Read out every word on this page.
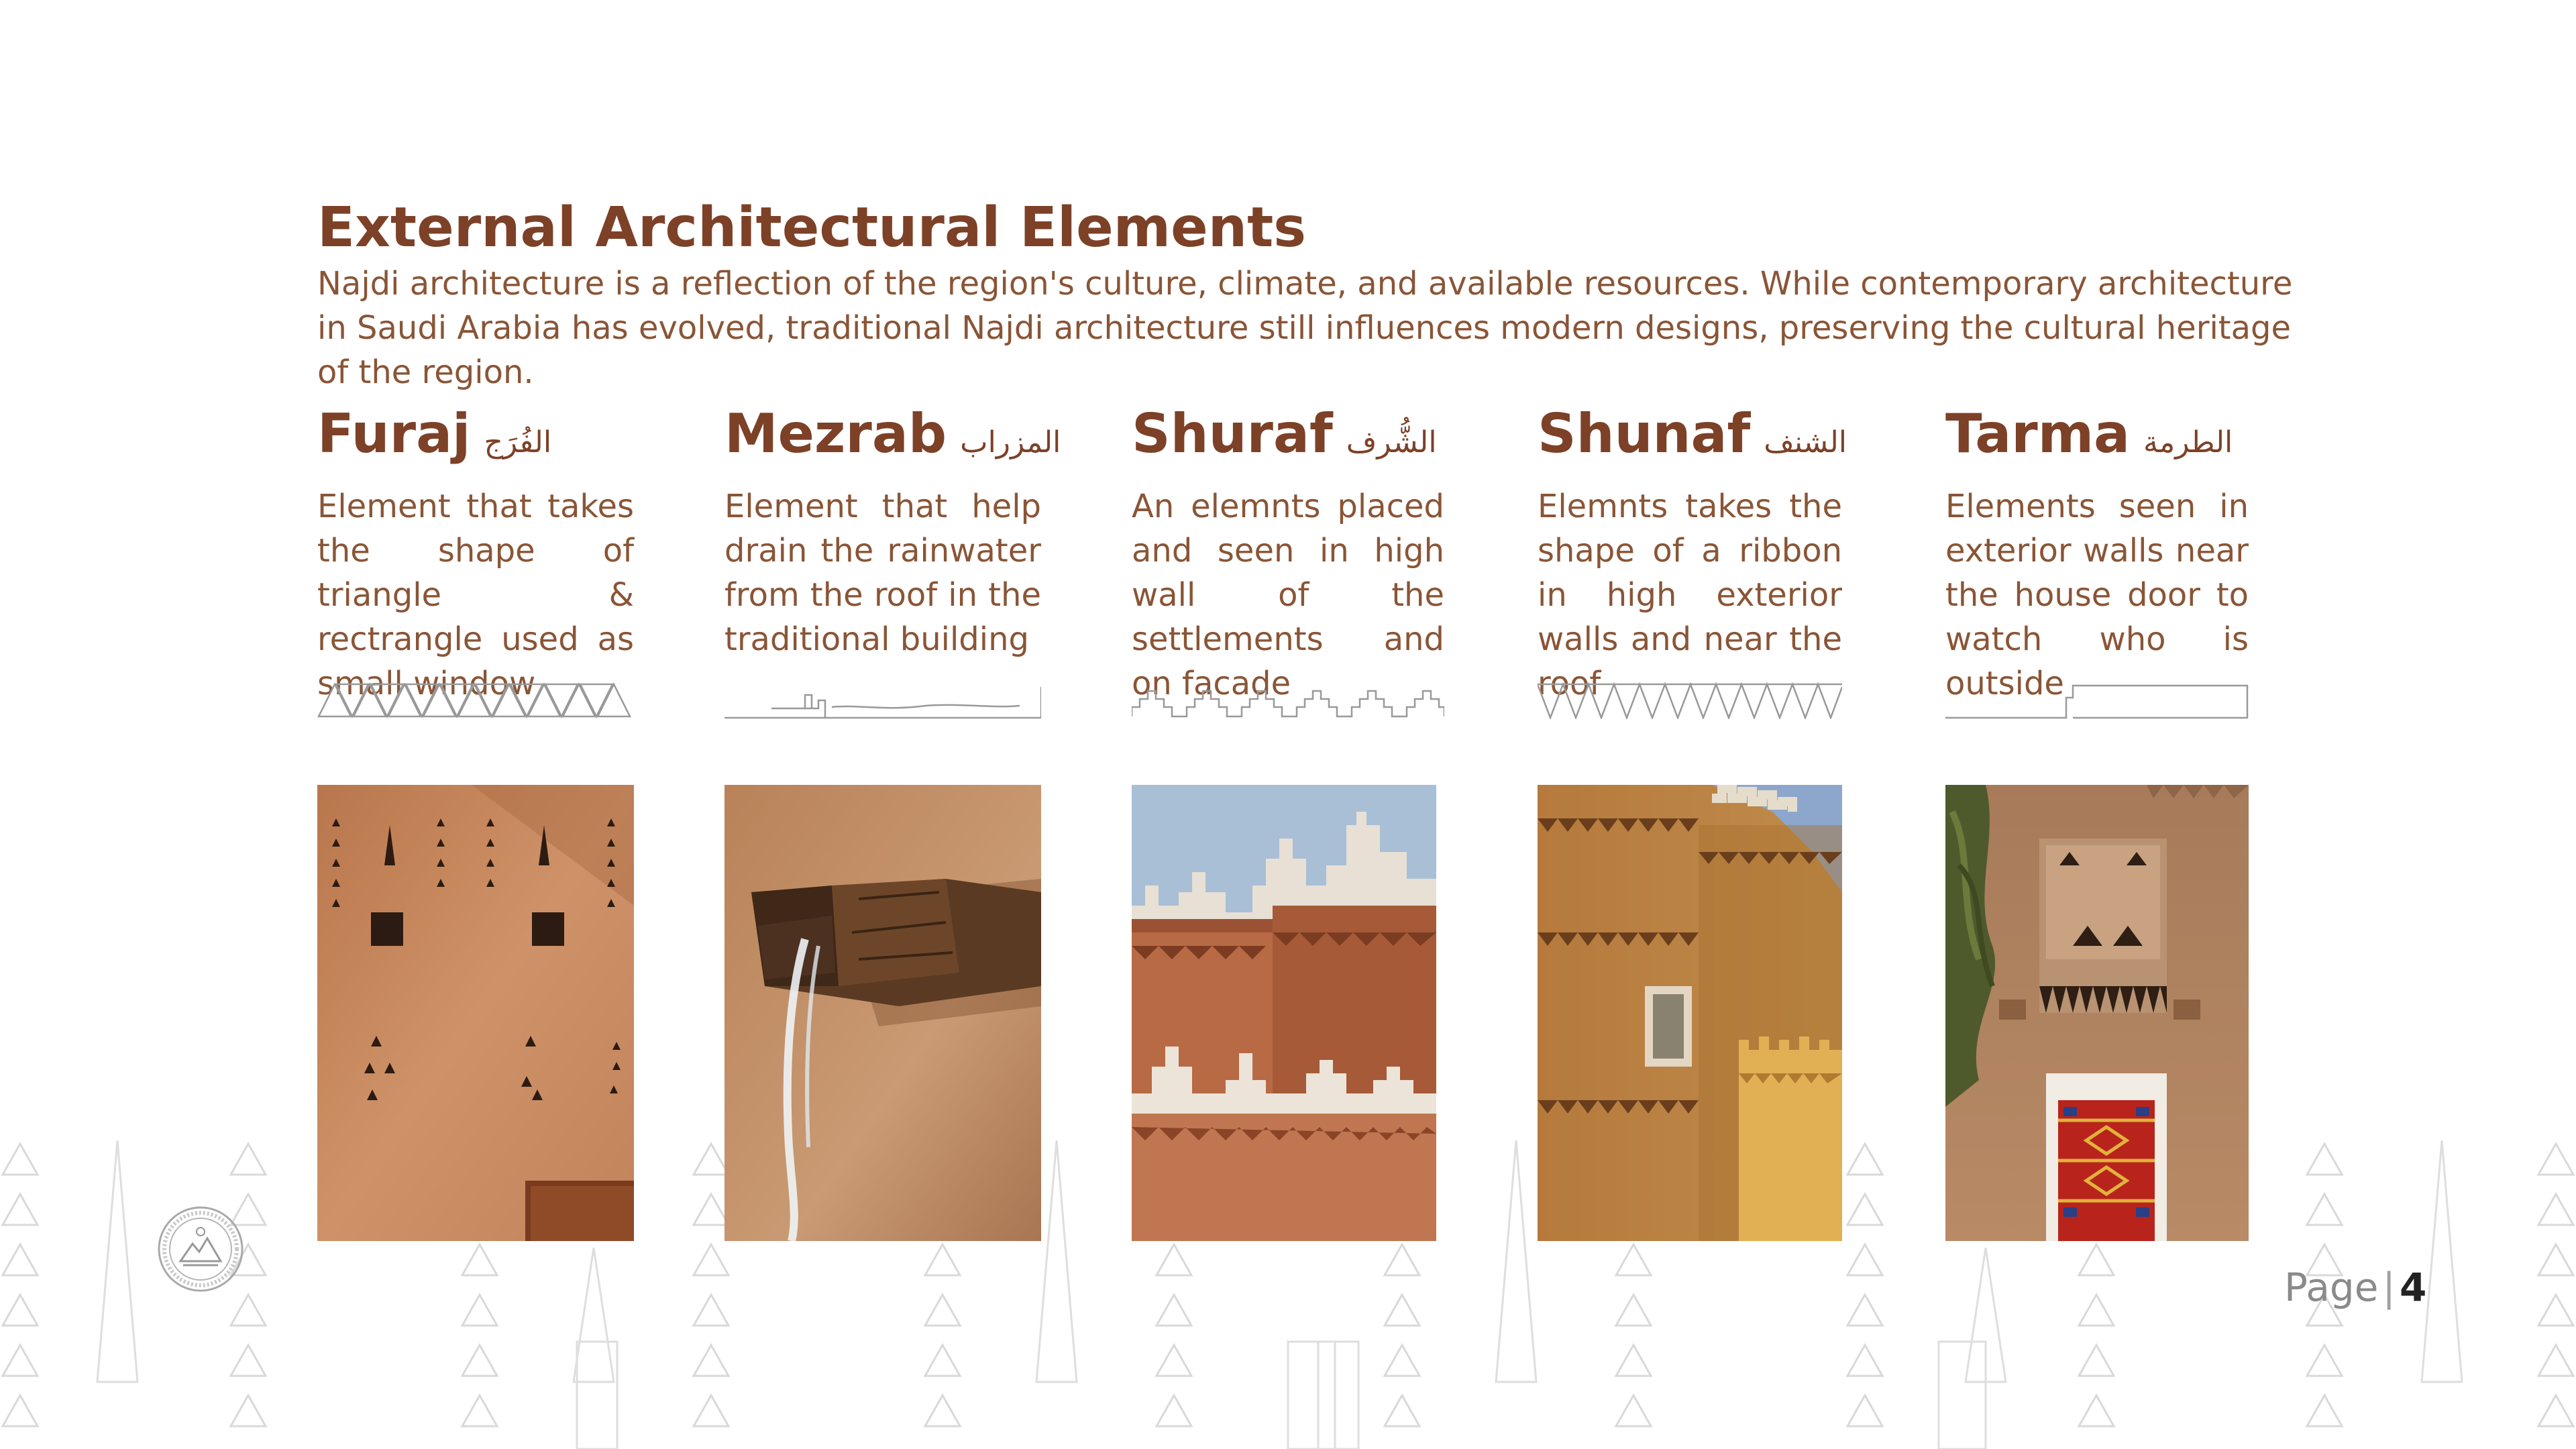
External Architectural Elements
Najdi architecture is a reflection of the region's culture, climate, and available resources. While contemporary architecture in Saudi Arabia has evolved, traditional Najdi architecture still influences modern designs, preserving the cultural heritage of the region.
Furaj الفُرَج
Element that takes the shape of triangle & rectrangle used as small window
Mezrab المزراب
Element that help drain the rainwater from the roof in the traditional building
Shuraf الشُّرف
An elemnts placed and seen in high wall of the settlements and on facade
Shunaf الشنف
Elemnts takes the shape of a ribbon in high exterior walls and near the roof
Tarma الطرمة
Elements seen in exterior walls near the house door to watch who is outside
Page | 4
